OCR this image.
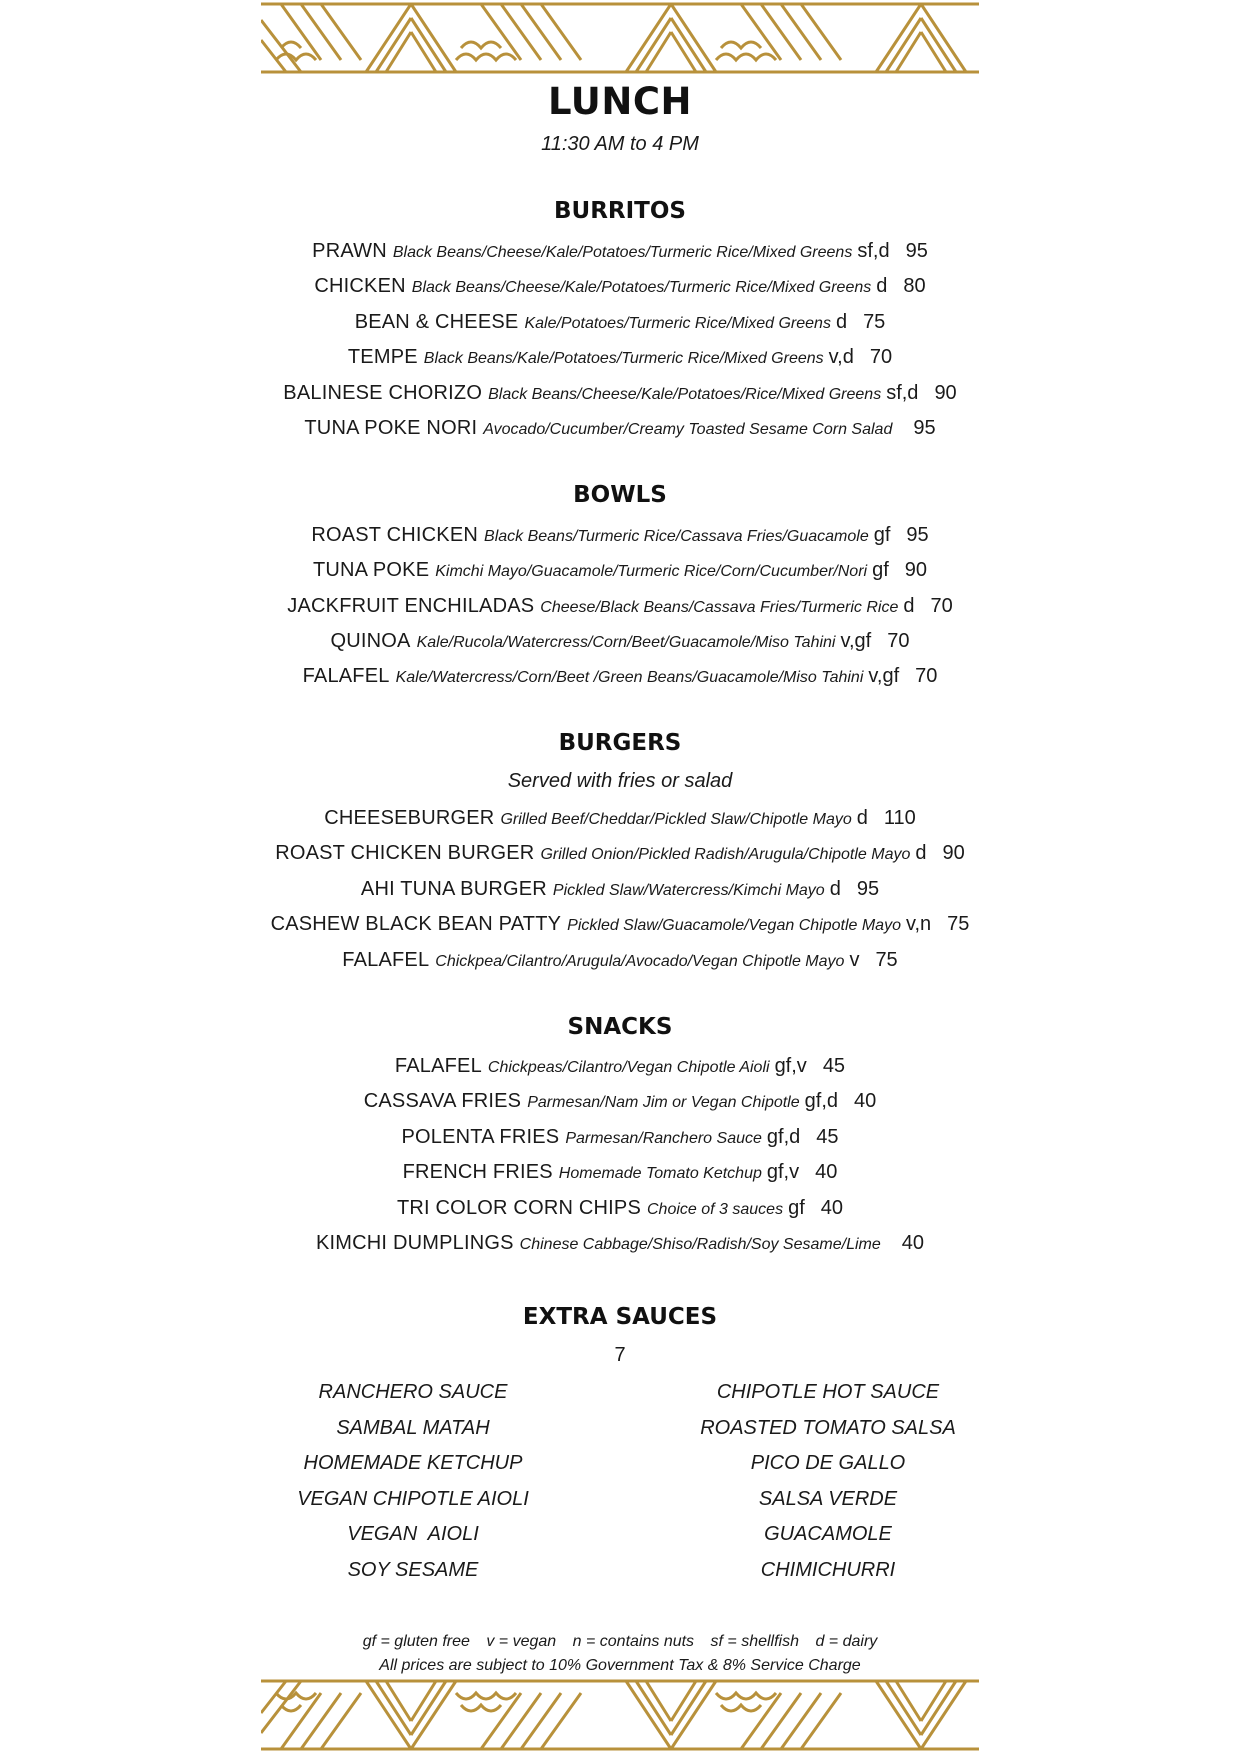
LUNCH
11:30 AM to 4 PM
BURRITOS
PRAWN Black Beans/Cheese/Kale/Potatoes/Turmeric Rice/Mixed Greens sf,d 95
CHICKEN Black Beans/Cheese/Kale/Potatoes/Turmeric Rice/Mixed Greens d 80
BEAN & CHEESE Kale/Potatoes/Turmeric Rice/Mixed Greens d 75
TEMPE Black Beans/Kale/Potatoes/Turmeric Rice/Mixed Greens v,d 70
BALINESE CHORIZO Black Beans/Cheese/Kale/Potatoes/Rice/Mixed Greens sf,d 90
TUNA POKE NORI Avocado/Cucumber/Creamy Toasted Sesame Corn Salad 95
BOWLS
ROAST CHICKEN Black Beans/Turmeric Rice/Cassava Fries/Guacamole gf 95
TUNA POKE Kimchi Mayo/Guacamole/Turmeric Rice/Corn/Cucumber/Nori gf 90
JACKFRUIT ENCHILADAS Cheese/Black Beans/Cassava Fries/Turmeric Rice d 70
QUINOA Kale/Rucola/Watercress/Corn/Beet/Guacamole/Miso Tahini v,gf 70
FALAFEL Kale/Watercress/Corn/Beet /Green Beans/Guacamole/Miso Tahini v,gf 70
BURGERS
Served with fries or salad
CHEESEBURGER Grilled Beef/Cheddar/Pickled Slaw/Chipotle Mayo d 110
ROAST CHICKEN BURGER Grilled Onion/Pickled Radish/Arugula/Chipotle Mayo d 90
AHI TUNA BURGER Pickled Slaw/Watercress/Kimchi Mayo d 95
CASHEW BLACK BEAN PATTY Pickled Slaw/Guacamole/Vegan Chipotle Mayo v,n 75
FALAFEL Chickpea/Cilantro/Arugula/Avocado/Vegan Chipotle Mayo v 75
SNACKS
FALAFEL Chickpeas/Cilantro/Vegan Chipotle Aioli gf,v 45
CASSAVA FRIES Parmesan/Nam Jim or Vegan Chipotle gf,d 40
POLENTA FRIES Parmesan/Ranchero Sauce gf,d 45
FRENCH FRIES Homemade Tomato Ketchup gf,v 40
TRI COLOR CORN CHIPS Choice of 3 sauces gf 40
KIMCHI DUMPLINGS Chinese Cabbage/Shiso/Radish/Soy Sesame/Lime 40
EXTRA SAUCES
7
RANCHERO SAUCE
SAMBAL MATAH
HOMEMADE KETCHUP
VEGAN CHIPOTLE AIOLI
VEGAN  AIOLI
SOY SESAME
CHIPOTLE HOT SAUCE
ROASTED TOMATO SALSA
PICO DE GALLO
SALSA VERDE
GUACAMOLE
CHIMICHURRI
gf = gluten free v = vegan n = contains nuts sf = shellfish d = dairy
All prices are subject to 10% Government Tax & 8% Service Charge
